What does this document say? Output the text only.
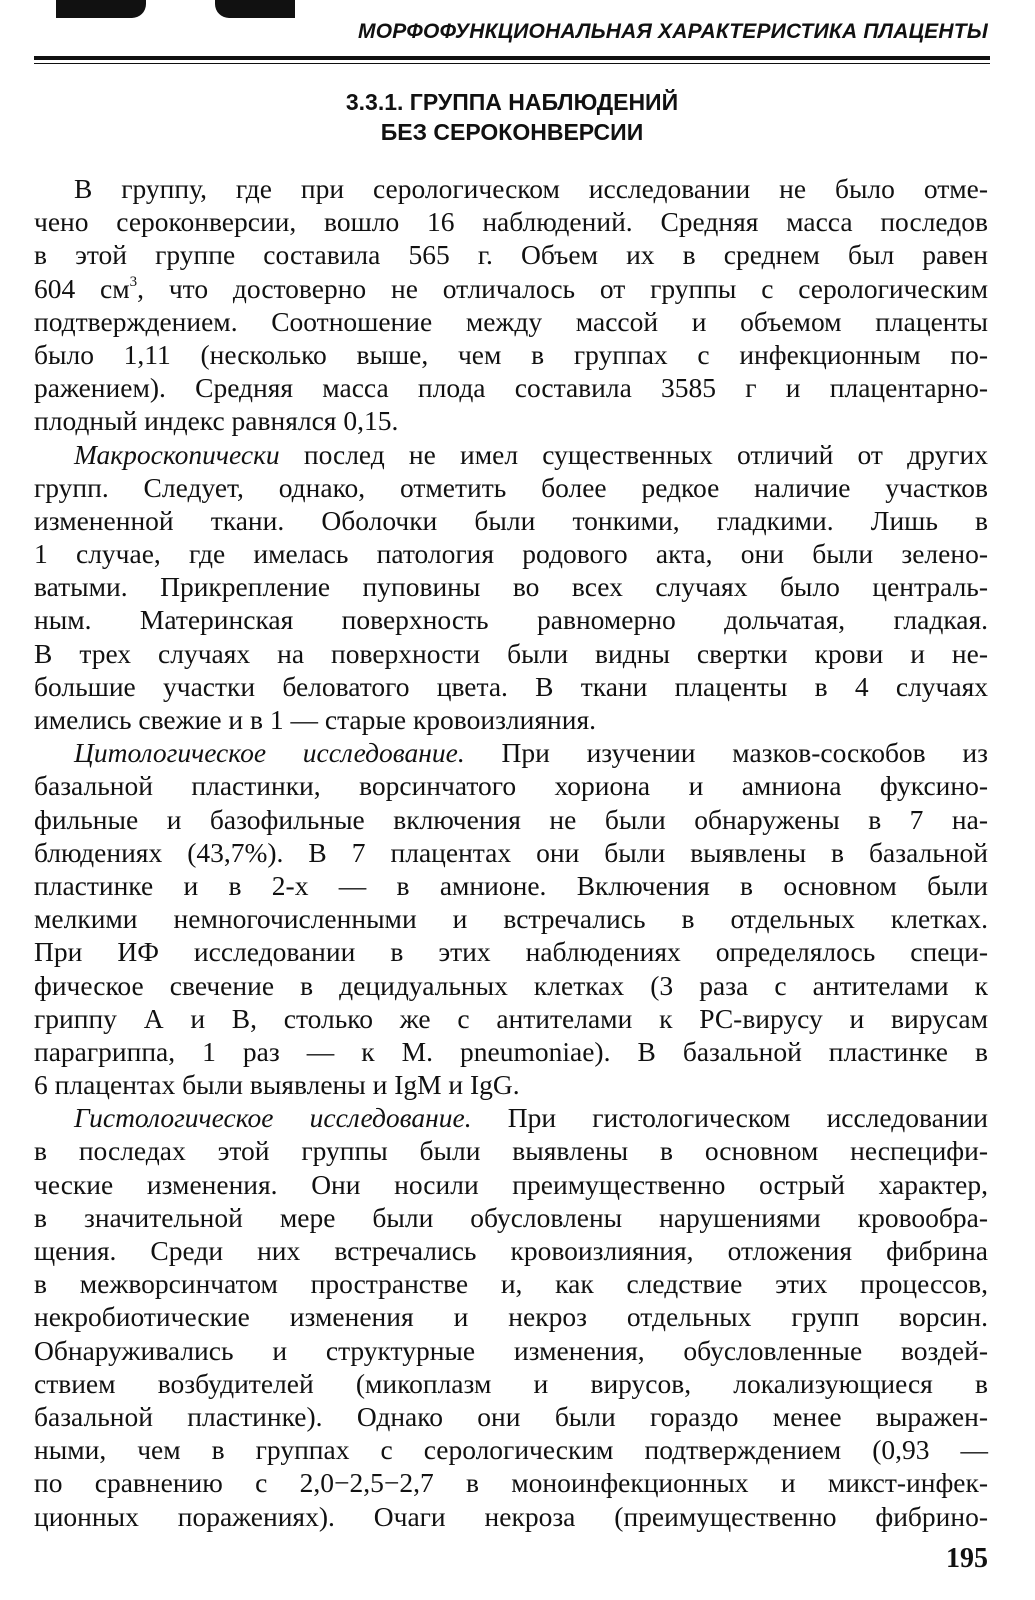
МОРФОФУНКЦИОНАЛЬНАЯ ХАРАКТЕРИСТИКА ПЛАЦЕНТЫ
3.3.1. ГРУППА НАБЛЮДЕНИЙ
БЕЗ СЕРОКОНВЕРСИИ
В группу, где при серологическом исследовании не было отме-
чено сероконверсии, вошло 16 наблюдений. Средняя масса последов
в этой группе составила 565 г. Объем их в среднем был равен
604 $см^3$, что достоверно не отличалось от группы с серологическим
подтверждением. Соотношение между массой и объемом плаценты
было 1,11 (несколько выше, чем в группах с инфекционным по-
ражением). Средняя масса плода составила 3585 г и плацентарно-
плодный индекс равнялся 0,15.
Макроскопически послед не имел существенных отличий от других
групп. Следует, однако, отметить более редкое наличие участков
измененной ткани. Оболочки были тонкими, гладкими. Лишь в
1 случае, где имелась патология родового акта, они были зелено-
ватыми. Прикрепление пуповины во всех случаях было централь-
ным. Материнская поверхность равномерно дольчатая, гладкая.
В трех случаях на поверхности были видны свертки крови и не-
большие участки беловатого цвета. В ткани плаценты в 4 случаях
имелись свежие и в 1 — старые кровоизлияния.
Цитологическое исследование. При изучении мазков-соскобов из
базальной пластинки, ворсинчатого хориона и амниона фуксино-
фильные и базофильные включения не были обнаружены в 7 на-
блюдениях (43,7%). В 7 плацентах они были выявлены в базальной
пластинке и в 2-х — в амнионе. Включения в основном были
мелкими немногочисленными и встречались в отдельных клетках.
При ИФ исследовании в этих наблюдениях определялось специ-
фическое свечение в децидуальных клетках (3 раза с антителами к
гриппу А и В, столько же с антителами к РС-вирусу и вирусам
парагриппа, 1 раз — к M. pneumoniae). В базальной пластинке в
6 плацентах были выявлены и IgM и IgG.
Гистологическое исследование. При гистологическом исследовании
в последах этой группы были выявлены в основном неспецифи-
ческие изменения. Они носили преимущественно острый характер,
в значительной мере были обусловлены нарушениями кровообра-
щения. Среди них встречались кровоизлияния, отложения фибрина
в межворсинчатом пространстве и, как следствие этих процессов,
некробиотические изменения и некроз отдельных групп ворсин.
Обнаруживались и структурные изменения, обусловленные воздей-
ствием возбудителей (микоплазм и вирусов, локализующиеся в
базальной пластинке). Однако они были гораздо менее выражен-
ными, чем в группах с серологическим подтверждением (0,93 —
по сравнению с 2,0−2,5−2,7 в моноинфекционных и микст-инфек-
ционных поражениях). Очаги некроза (преимущественно фибрино-
195
